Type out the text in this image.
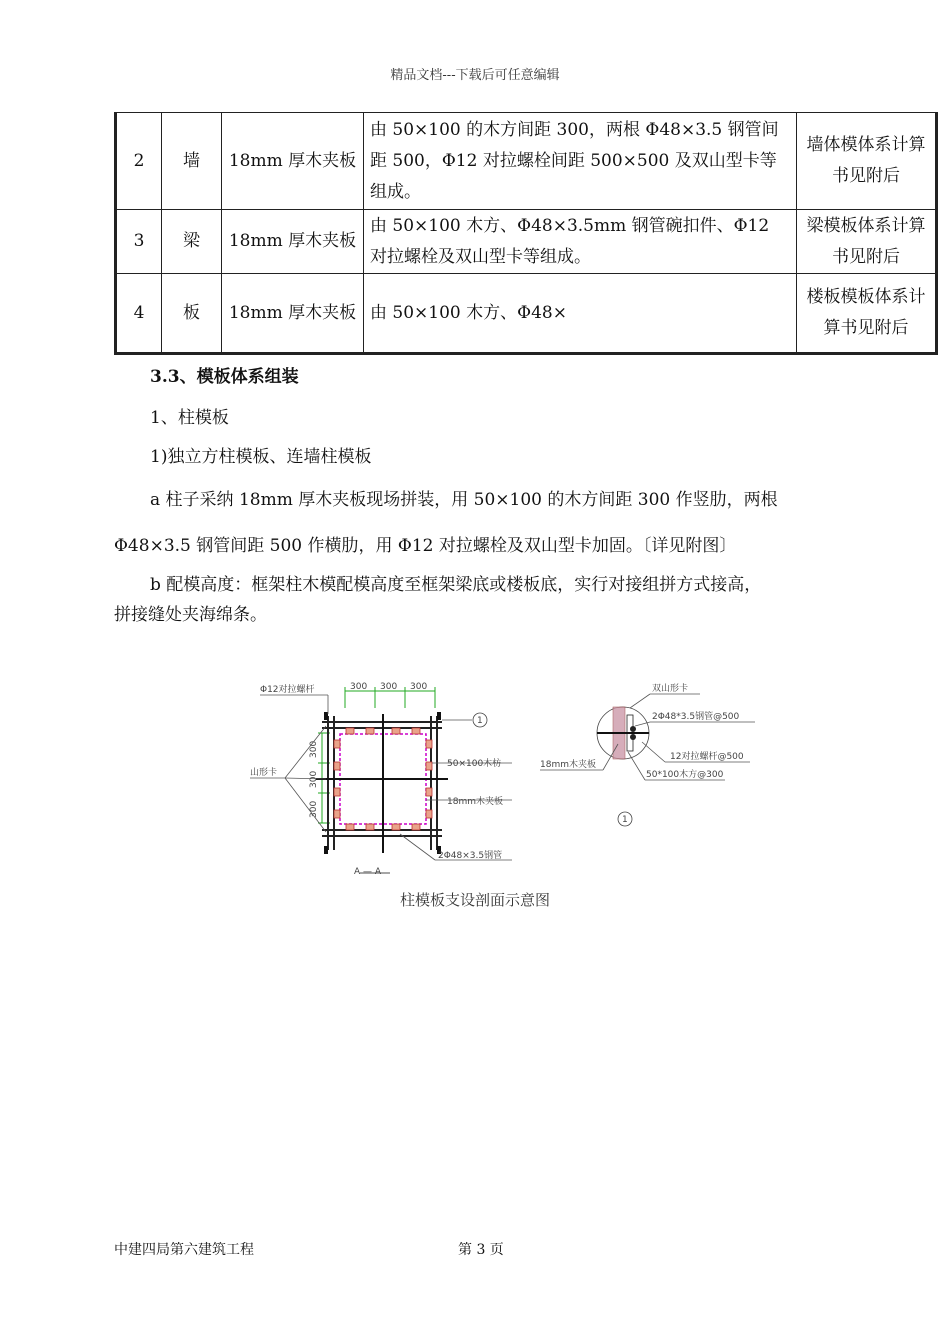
精品文档---下载后可任意编辑
2	墙	18mm 厚木夹板	由 50×100 的木方间距 300，两根 Φ48×3.5 钢管间距 500，Φ12 对拉螺栓间距 500×500 及双山型卡等组成。	墙体模体系计算书见附后
3	梁	18mm 厚木夹板	由 50×100 木方、Φ48×3.5mm 钢管碗扣件、Φ12 对拉螺栓及双山型卡等组成。	梁模板体系计算书见附后
4	板	18mm 厚木夹板	由 50×100 木方、Φ48×	楼板模板体系计算书见附后
3.3、模板体系组装
1、柱模板
1)独立方柱模板、连墙柱模板
a 柱子采纳 18mm 厚木夹板现场拼装，用 50×100 的木方间距 300 作竖肋，两根
Φ48×3.5 钢管间距 500 作横肋，用 Φ12 对拉螺栓及双山型卡加固。〔详见附图〕
b 配模高度：框架柱木模配模高度至框架梁底或楼板底，实行对接组拼方式接高，
拼接缝处夹海绵条。
300 300 300
300
300
300
1
Φ12对拉螺杆
山形卡
50×100木枋
18mm木夹板
2Φ48×3.5钢管
A — A
双山形卡
2Φ48*3.5钢管@500
18mm木夹板
12对拉螺杆@500
50*100木方@300
1
柱模板支设剖面示意图
中建四局第六建筑工程	第 3 页
